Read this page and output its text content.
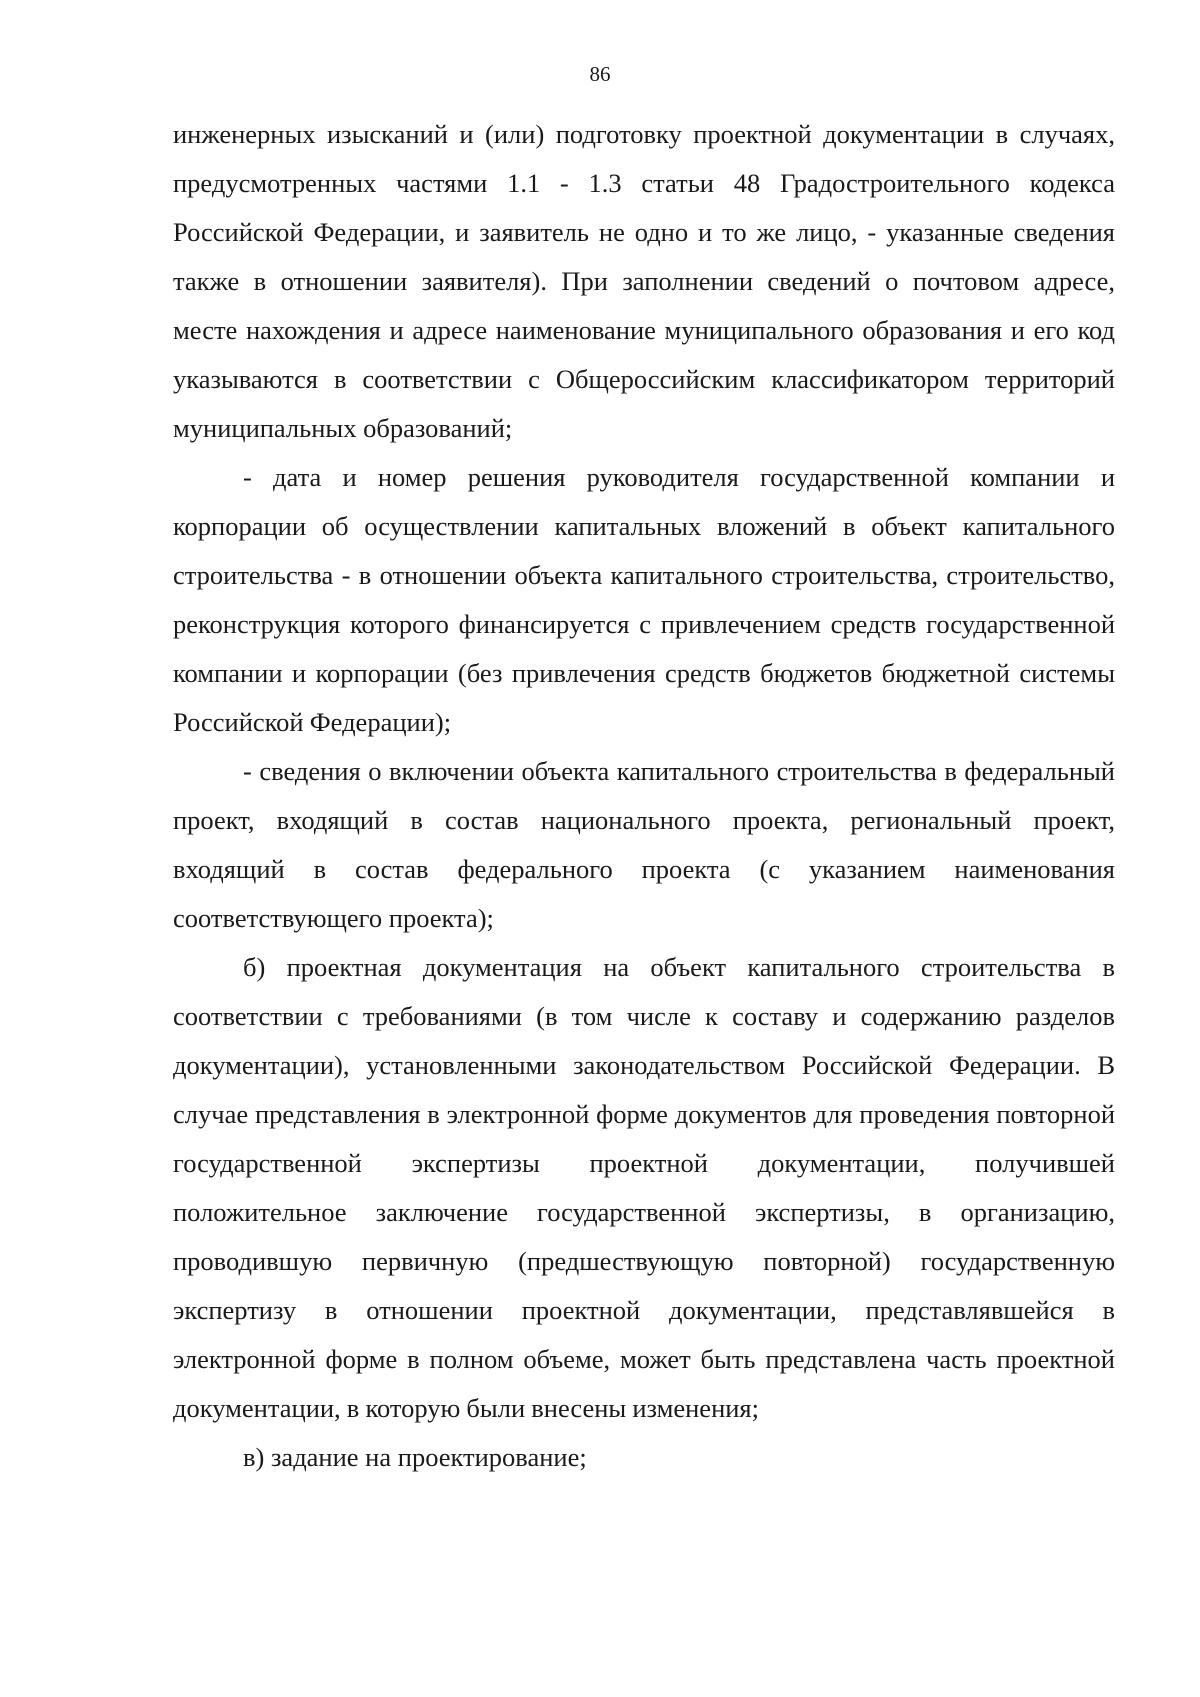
86

инженерных изысканий и (или) подготовку проектной документации в случаях, предусмотренных частями 1.1 - 1.3 статьи 48 Градостроительного кодекса Российской Федерации, и заявитель не одно и то же лицо, - указанные сведения также в отношении заявителя). При заполнении сведений о почтовом адресе, месте нахождения и адресе наименование муниципального образования и его код указываются в соответствии с Общероссийским классификатором территорий муниципальных образований;

- дата и номер решения руководителя государственной компании и корпорации об осуществлении капитальных вложений в объект капитального строительства - в отношении объекта капитального строительства, строительство, реконструкция которого финансируется с привлечением средств государственной компании и корпорации (без привлечения средств бюджетов бюджетной системы Российской Федерации);

- сведения о включении объекта капитального строительства в федеральный проект, входящий в состав национального проекта, региональный проект, входящий в состав федерального проекта (с указанием наименования соответствующего проекта);

б) проектная документация на объект капитального строительства в соответствии с требованиями (в том числе к составу и содержанию разделов документации), установленными законодательством Российской Федерации. В случае представления в электронной форме документов для проведения повторной государственной экспертизы проектной документации, получившей положительное заключение государственной экспертизы, в организацию, проводившую первичную (предшествующую повторной) государственную экспертизу в отношении проектной документации, представлявшейся в электронной форме в полном объеме, может быть представлена часть проектной документации, в которую были внесены изменения;

в) задание на проектирование;
